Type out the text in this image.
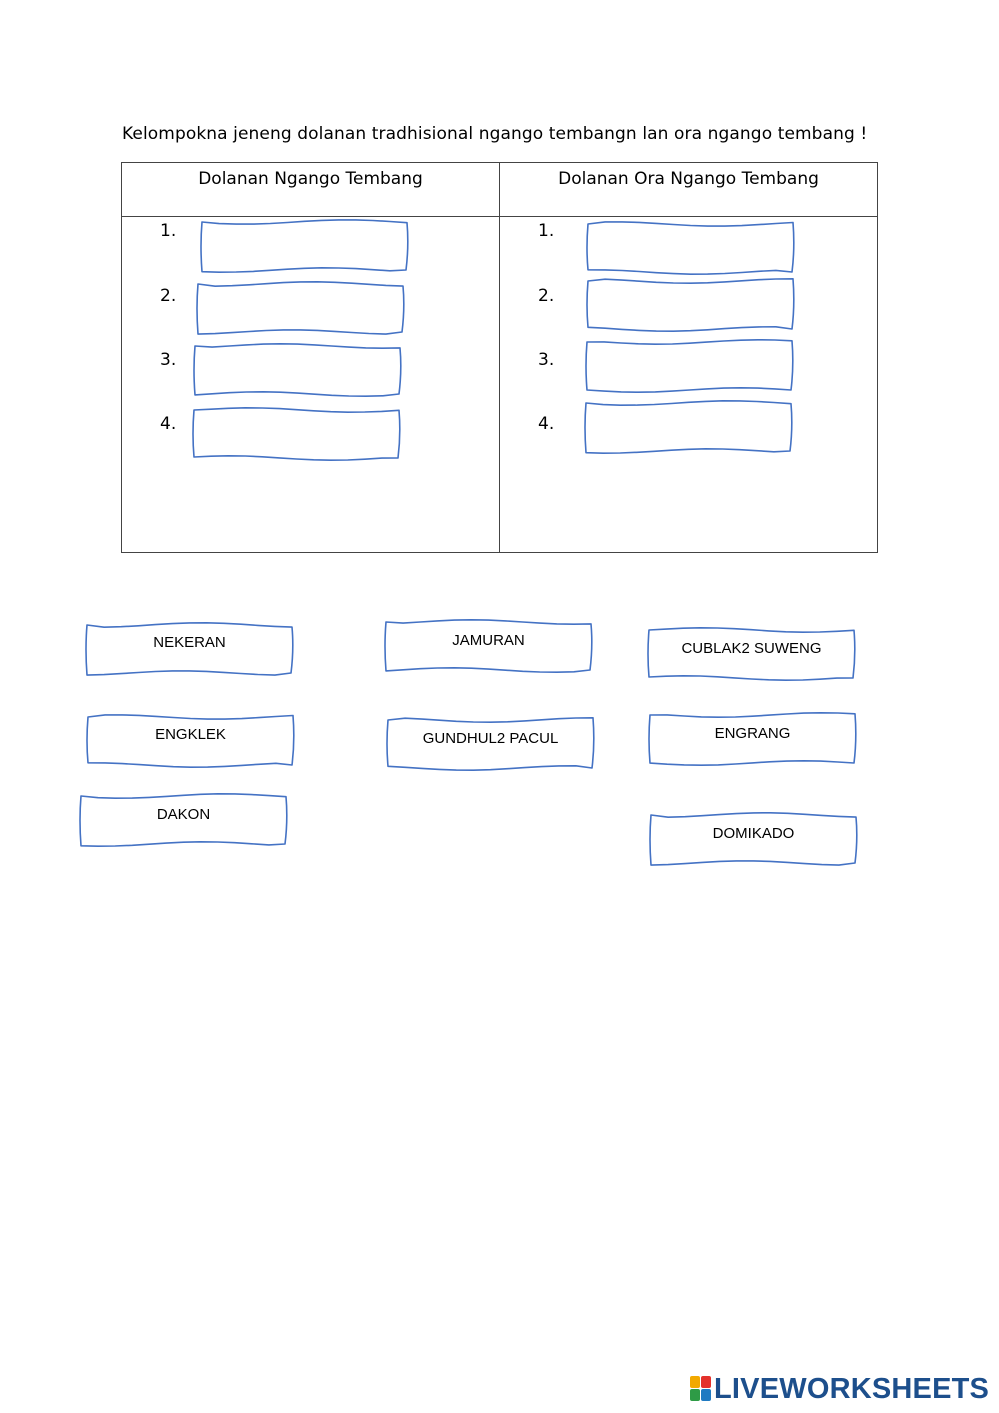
Kelompokna jeneng dolanan tradhisional ngango tembangn lan ora ngango tembang !
Dolanan Ngango Tembang	Dolanan Ora Ngango Tembang
1.
2.
3.
4.
1.
2.
3.
4.
NEKERAN	JAMURAN	CUBLAK2 SUWENG
ENGKLEK	GUNDHUL2 PACUL	ENGRANG
DAKON
DOMIKADO
LIVEWORKSHEETS
